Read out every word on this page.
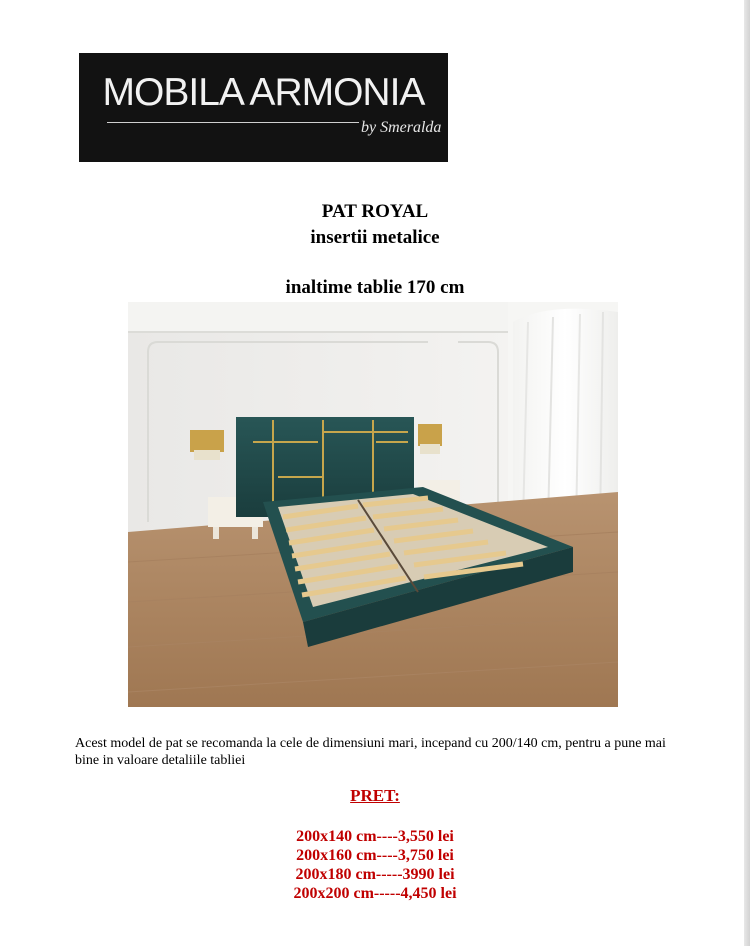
MOBILA ARMONIA
by Smeralda
PAT ROYAL
insertii metalice
inaltime tablie 170 cm
Acest model de pat se recomanda la cele de dimensiuni mari, incepand cu 200/140 cm, pentru a pune mai bine in valoare detaliile tabliei
PRET:
200x140 cm----3,550 lei
200x160 cm----3,750 lei
200x180 cm-----3990 lei
200x200 cm-----4,450 lei
